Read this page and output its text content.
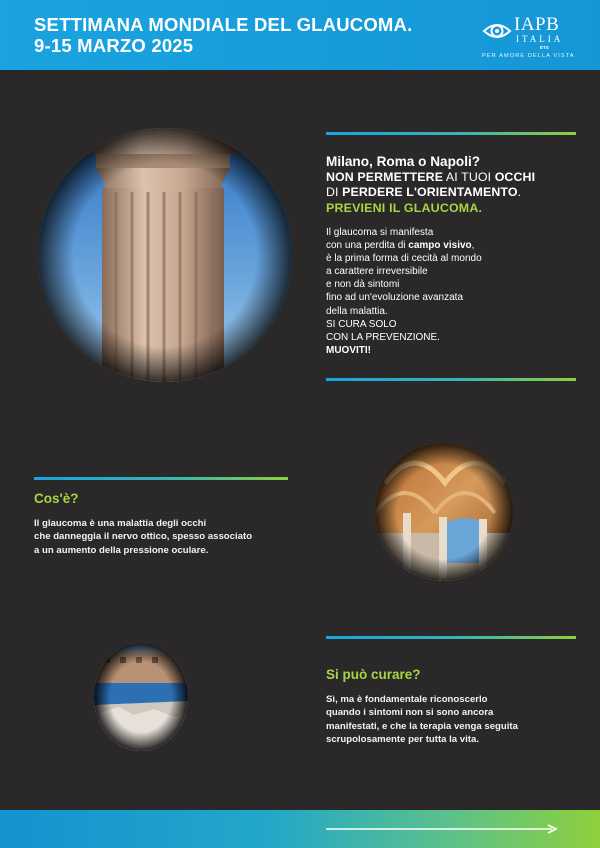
SETTIMANA MONDIALE DEL GLAUCOMA.
9-15 MARZO 2025
IAPB
ITALIA
ETS
PER AMORE DELLA VISTA
Milano, Roma o Napoli?
NON PERMETTERE AI TUOI OCCHI
DI PERDERE L'ORIENTAMENTO.
PREVIENI IL GLAUCOMA.
Il glaucoma si manifesta
con una perdita di campo visivo,
è la prima forma di cecità al mondo
a carattere irreversibile
e non dà sintomi
fino ad un'evoluzione avanzata
della malattia.
SI CURA SOLO
CON LA PREVENZIONE.
MUOVITI!
Cos'è?
Il glaucoma è una malattia degli occhi
che danneggia il nervo ottico, spesso associato
a un aumento della pressione oculare.
Si può curare?
Sì, ma è fondamentale riconoscerlo
quando i sintomi non si sono ancora
manifestati, e che la terapia venga seguita
scrupolosamente per tutta la vita.
